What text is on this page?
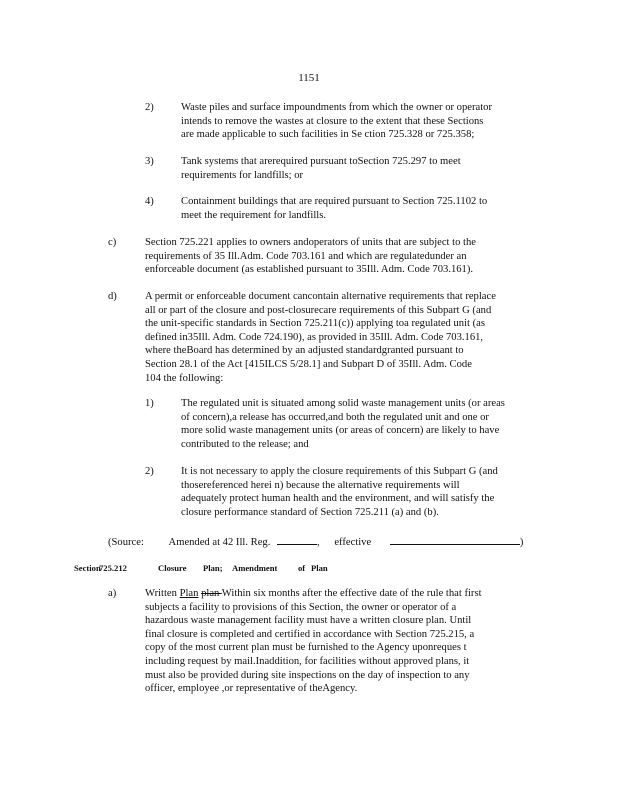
1151
2)	Waste piles and surface impoundments from which the owner or operator
intends to remove the wastes at closure to the extent that these Sections
are made applicable to such facilities in Se ction 725.328 or 725.358;
3)	Tank systems that arerequired pursuant toSection 725.297 to meet
requirements for landfills; or
4)	Containment buildings that are required pursuant to Section 725.1102 to
meet the requirement for landfills.
c)	Section 725.221 applies to owners andoperators of units that are subject to the
requirements of 35 Ill.Adm. Code 703.161 and which are regulatedunder an
enforceable document (as established pursuant to 35Ill. Adm. Code 703.161).
d)	A permit or enforceable document cancontain alternative requirements that replace
all or part of the closure and post-closurecare requirements of this Subpart G (and
the unit-specific standards in Section 725.211(c)) applying toa regulated unit (as
defined in35Ill. Adm. Code 724.190), as provided in 35Ill. Adm. Code 703.161,
where theBoard has determined by an adjusted standardgranted pursuant to
Section 28.1 of the Act [415ILCS 5/28.1] and Subpart D of 35Ill. Adm. Code
104 the following:
1)	The regulated unit is situated among solid waste management units (or areas
of concern),a release has occurred,and both the regulated unit and one or
more solid waste management units (or areas of concern) are likely to have
contributed to the release; and
2)	It is not necessary to apply the closure requirements of this Subpart G (and
thosereferenced herei n) because the alternative requirements will
adequately protect human health and the environment, and will satisfy the
closure performance standard of Section 725.211 (a) and (b).
(Source: Amended at 42 Ill. Reg.	, effective	)
Section
725.212	Closure Plan; Amendment of Plan
a)	Written Plan plan Within six months after the effective date of the rule that first
subjects a facility to provisions of this Section, the owner or operator of a
hazardous waste management facility must have a written closure plan. Until
final closure is completed and certified in accordance with Section 725.215, a
copy of the most current plan must be furnished to the Agency uponreques t
including request by mail.Inaddition, for facilities without approved plans, it
must also be provided during site inspections on the day of inspection to any
officer, employee ,or representative of theAgency.
